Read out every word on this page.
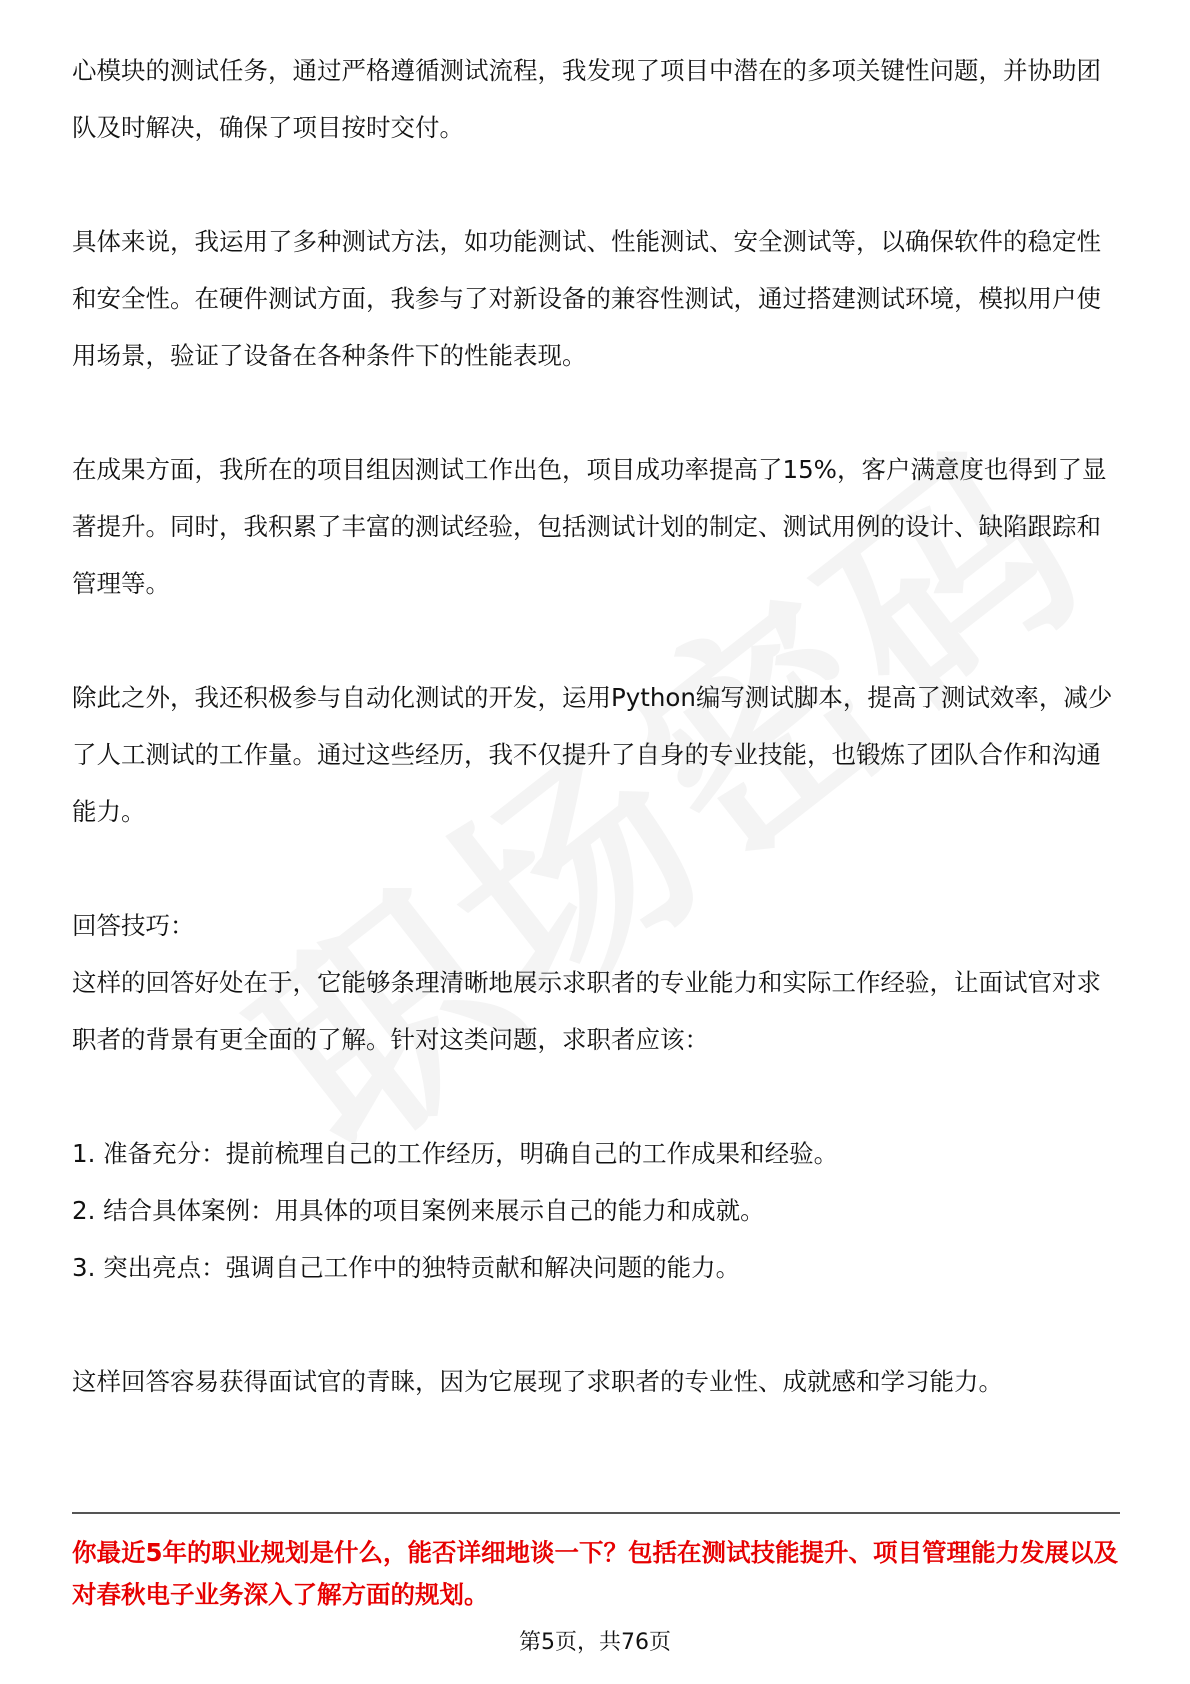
心模块的测试任务，通过严格遵循测试流程，我发现了项目中潜在的多项关键性问题，并协助团队及时解决，确保了项目按时交付。

具体来说，我运用了多种测试方法，如功能测试、性能测试、安全测试等，以确保软件的稳定性和安全性。在硬件测试方面，我参与了对新设备的兼容性测试，通过搭建测试环境，模拟用户使用场景，验证了设备在各种条件下的性能表现。

在成果方面，我所在的项目组因测试工作出色，项目成功率提高了15%，客户满意度也得到了显著提升。同时，我积累了丰富的测试经验，包括测试计划的制定、测试用例的设计、缺陷跟踪和管理等。

除此之外，我还积极参与自动化测试的开发，运用Python编写测试脚本，提高了测试效率，减少了人工测试的工作量。通过这些经历，我不仅提升了自身的专业技能，也锻炼了团队合作和沟通能力。

回答技巧：

这样的回答好处在于，它能够条理清晰地展示求职者的专业能力和实际工作经验，让面试官对求职者的背景有更全面的了解。针对这类问题，求职者应该：

1. 准备充分：提前梳理自己的工作经历，明确自己的工作成果和经验。

2. 结合具体案例：用具体的项目案例来展示自己的能力和成就。

3. 突出亮点：强调自己工作中的独特贡献和解决问题的能力。

这样回答容易获得面试官的青睐，因为它展现了求职者的专业性、成就感和学习能力。

你最近5年的职业规划是什么，能否详细地谈一下？包括在测试技能提升、项目管理能力发展以及对春秋电子业务深入了解方面的规划。

第5页，共76页
